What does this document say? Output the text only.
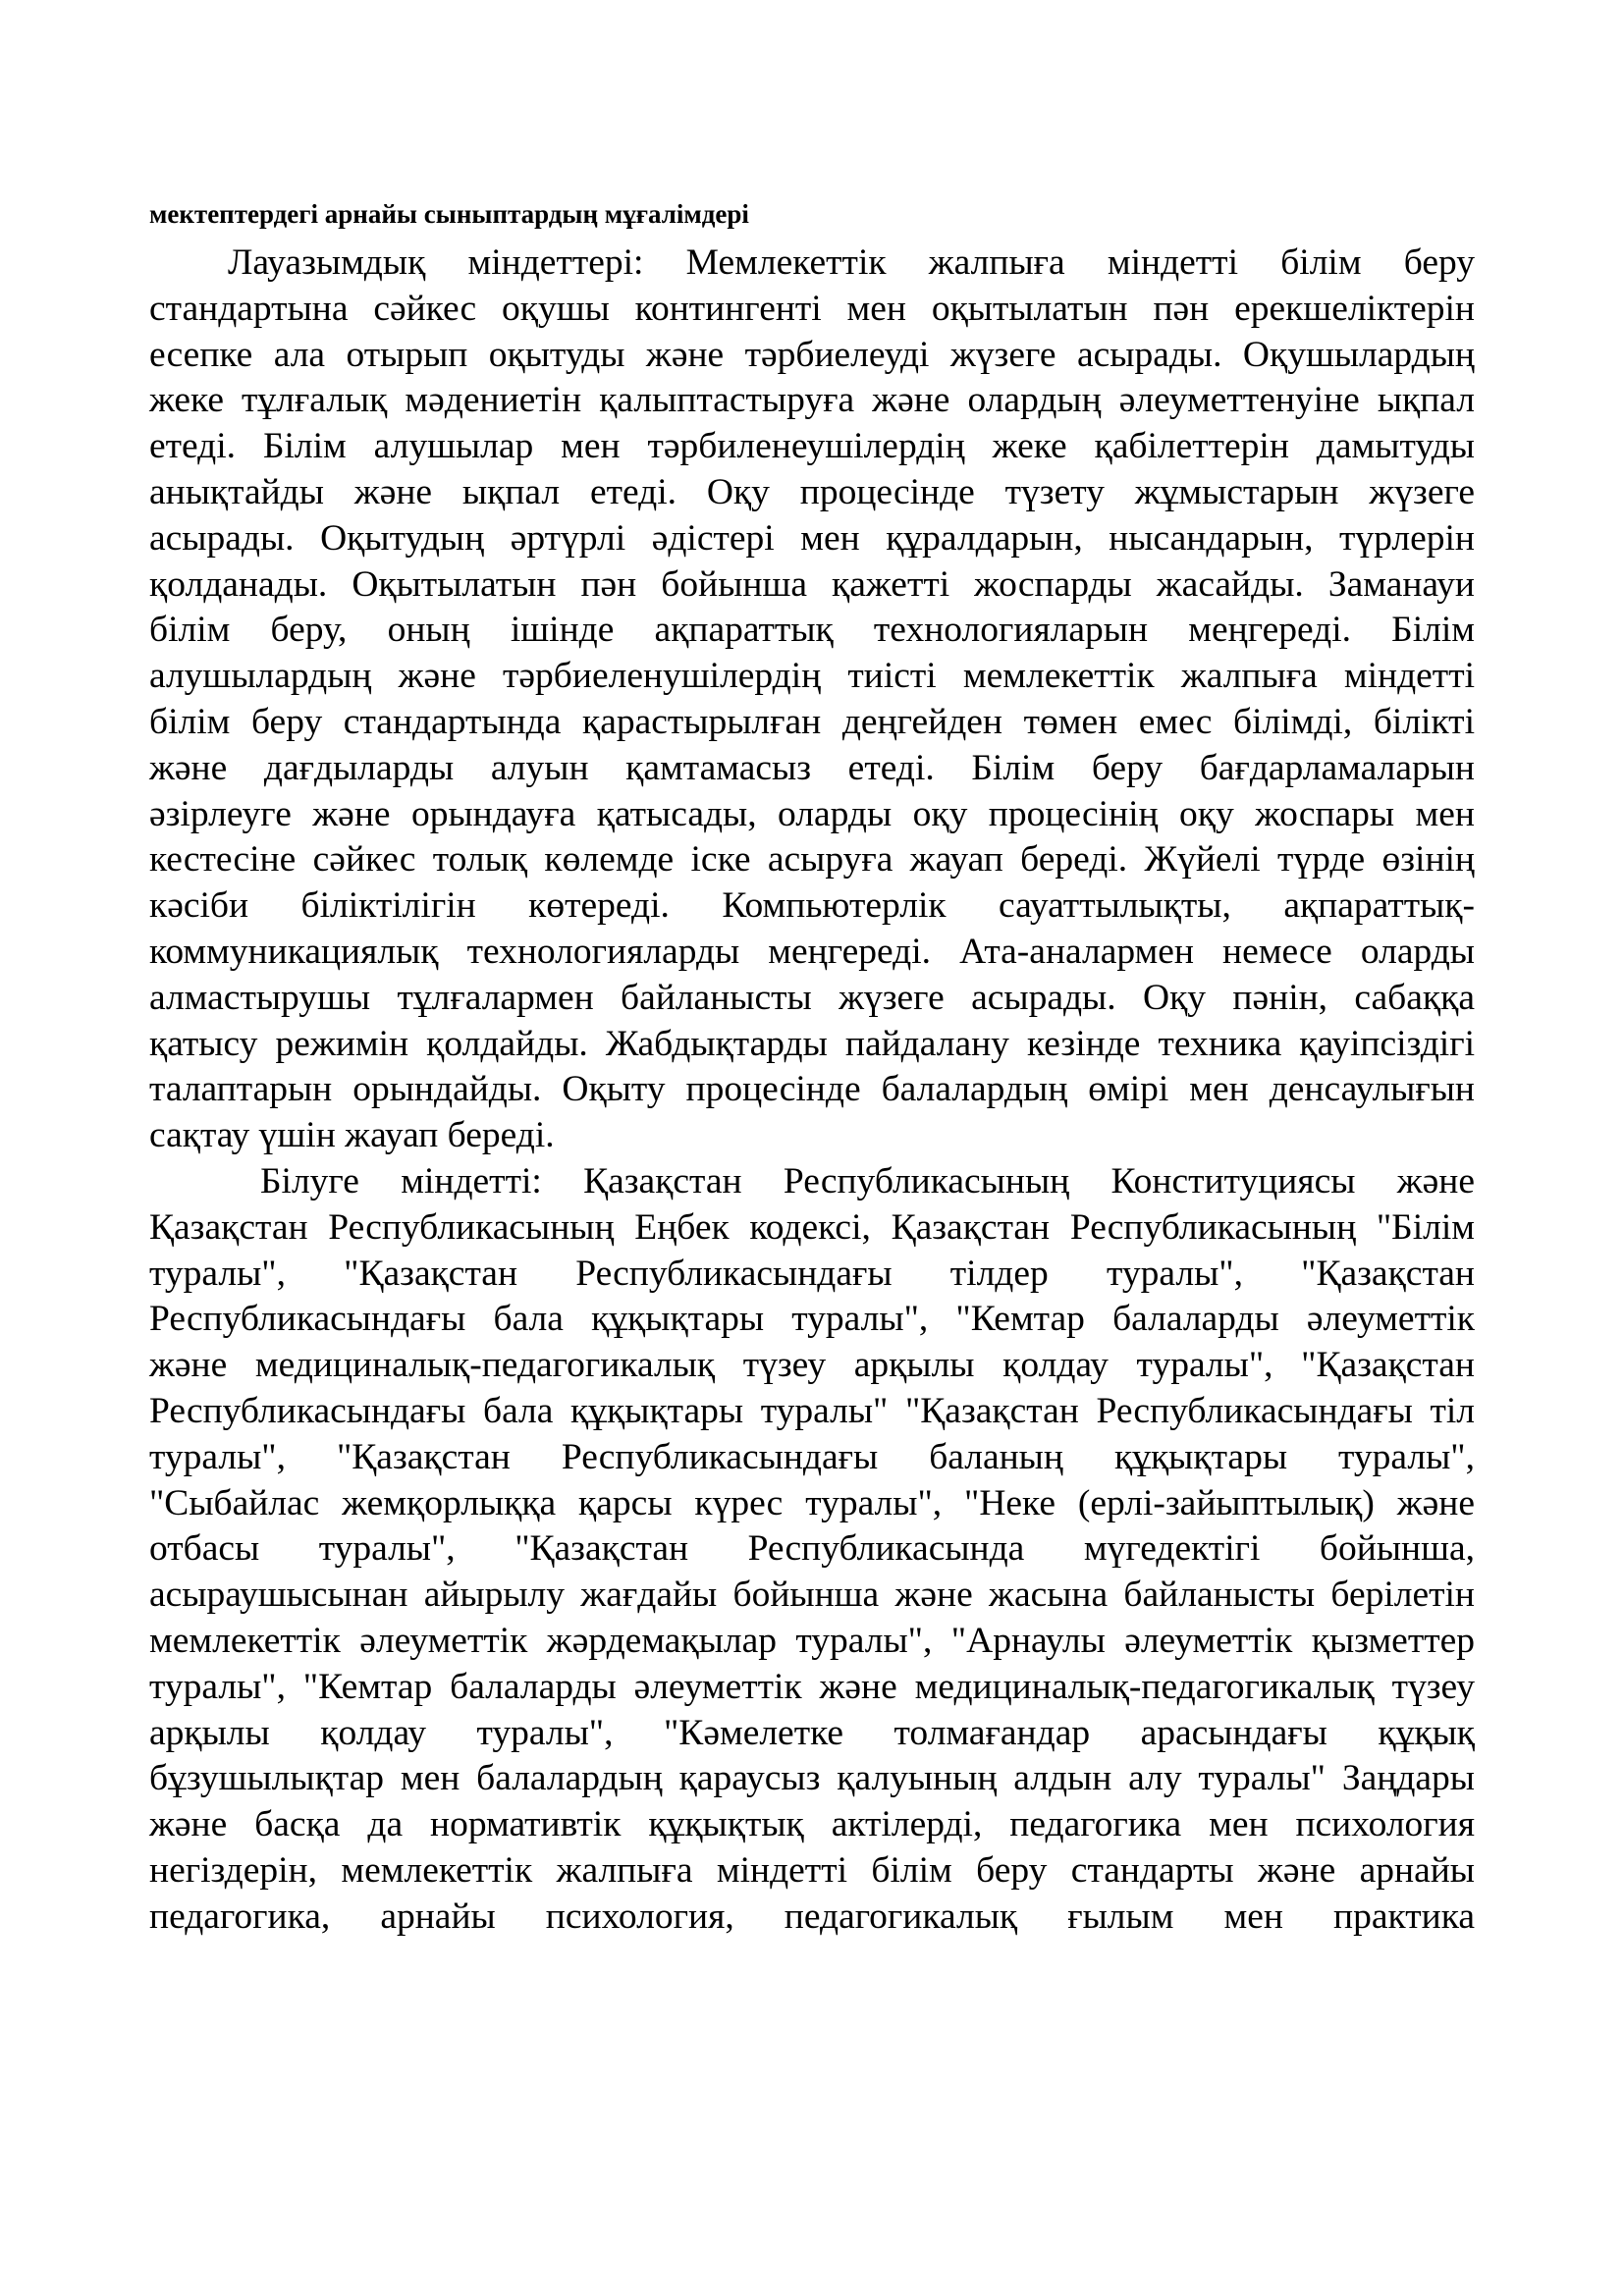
мектептердегі арнайы сыныптардың мұғалімдері
Лауазымдық міндеттері: Мемлекеттік жалпыға міндетті білім беру
стандартына сәйкес оқушы контингенті мен оқытылатын пән ерекшеліктерін
есепке ала отырып оқытуды және тәрбиелеуді жүзеге асырады. Оқушылардың
жеке тұлғалық мәдениетін қалыптастыруға және олардың әлеуметтенуіне ықпал
етеді. Білім алушылар мен тәрбиленеушілердің жеке қабілеттерін дамытуды
анықтайды және ықпал етеді. Оқу процесінде түзету жұмыстарын жүзеге
асырады. Оқытудың әртүрлі әдістері мен құралдарын, нысандарын, түрлерін
қолданады. Оқытылатын пән бойынша қажетті жоспарды жасайды. Заманауи
білім беру, оның ішінде ақпараттық технологияларын меңгереді. Білім
алушылардың және тәрбиеленушілердің тиісті мемлекеттік жалпыға міндетті
білім беру стандартында қарастырылған деңгейден төмен емес білімді, білікті
және дағдыларды алуын қамтамасыз етеді. Білім беру бағдарламаларын
әзірлеуге және орындауға қатысады, оларды оқу процесінің оқу жоспары мен
кестесіне сәйкес толық көлемде іске асыруға жауап береді. Жүйелі түрде өзінің
кәсіби біліктілігін көтереді. Компьютерлік сауаттылықты, ақпараттық-
коммуникациялық технологияларды меңгереді. Ата-аналармен немесе оларды
алмастырушы тұлғалармен байланысты жүзеге асырады. Оқу пәнін, сабаққа
қатысу режимін қолдайды. Жабдықтарды пайдалану кезінде техника қауіпсіздігі
талаптарын орындайды. Оқыту процесінде балалардың өмірі мен денсаулығын
сақтау үшін жауап береді.
Білуге міндетті: Қазақстан Республикасының Конституциясы және
Қазақстан Республикасының Еңбек кодексі, Қазақстан Республикасының "Білім
туралы", "Қазақстан Республикасындағы тілдер туралы", "Қазақстан
Республикасындағы бала құқықтары туралы", "Кемтар балаларды әлеуметтік
және медициналық-педагогикалық түзеу арқылы қолдау туралы", "Қазақстан
Республикасындағы бала құқықтары туралы" "Қазақстан Республикасындағы тіл
туралы", "Қазақстан Республикасындағы баланың құқықтары туралы",
"Сыбайлас жемқорлыққа қарсы күрес туралы", "Неке (ерлі-зайыптылық) және
отбасы туралы", "Қазақстан Республикасында мүгедектігі бойынша,
асыраушысынан айырылу жағдайы бойынша және жасына байланысты берілетін
мемлекеттік әлеуметтік жәрдемақылар туралы", "Арнаулы әлеуметтік қызметтер
туралы", "Кемтар балаларды әлеуметтік және медициналық-педагогикалық түзеу
арқылы қолдау туралы", "Кәмелетке толмағандар арасындағы құқық
бұзушылықтар мен балалардың қараусыз қалуының алдын алу туралы" Заңдары
және басқа да нормативтік құқықтық актілерді, педагогика мен психология
негіздерін, мемлекеттік жалпыға міндетті білім беру стандарты және арнайы
педагогика, арнайы психология, педагогикалық ғылым мен практика
